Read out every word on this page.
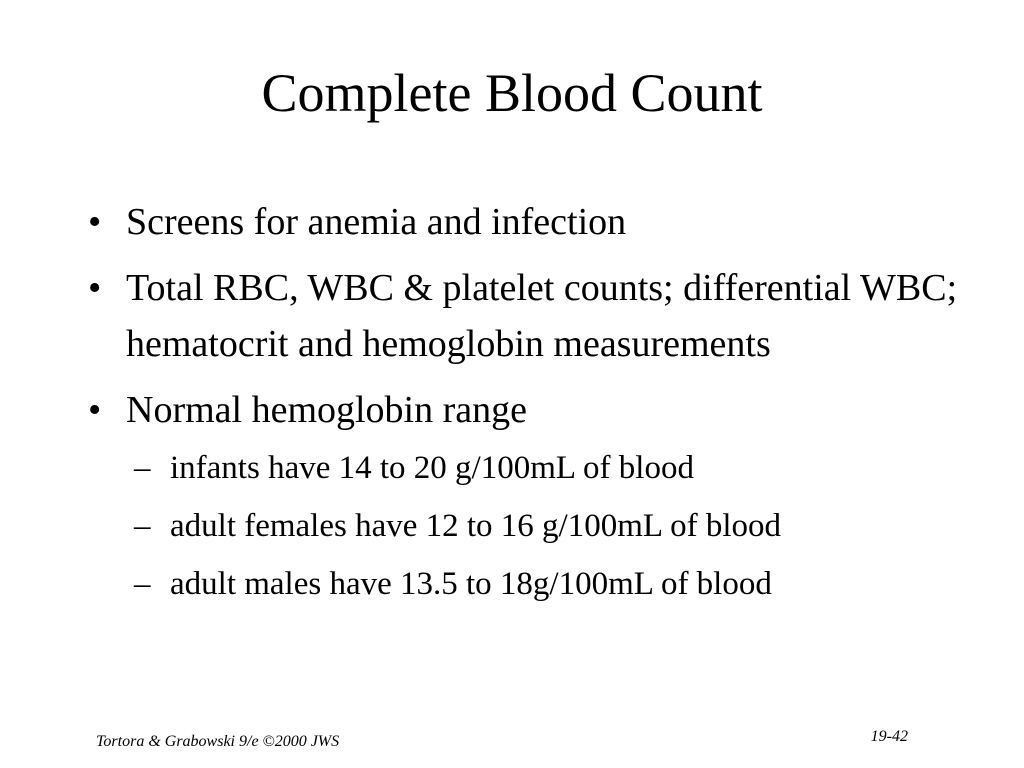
Complete Blood Count
• Screens for anemia and infection
• Total RBC, WBC & platelet counts; differential WBC; hematocrit and hemoglobin measurements
• Normal hemoglobin range
– infants have 14 to 20 g/100mL of blood
– adult females have 12 to 16 g/100mL of blood
– adult males have 13.5 to 18g/100mL of blood
Tortora & Grabowski 9/e ©2000 JWS	19-42
